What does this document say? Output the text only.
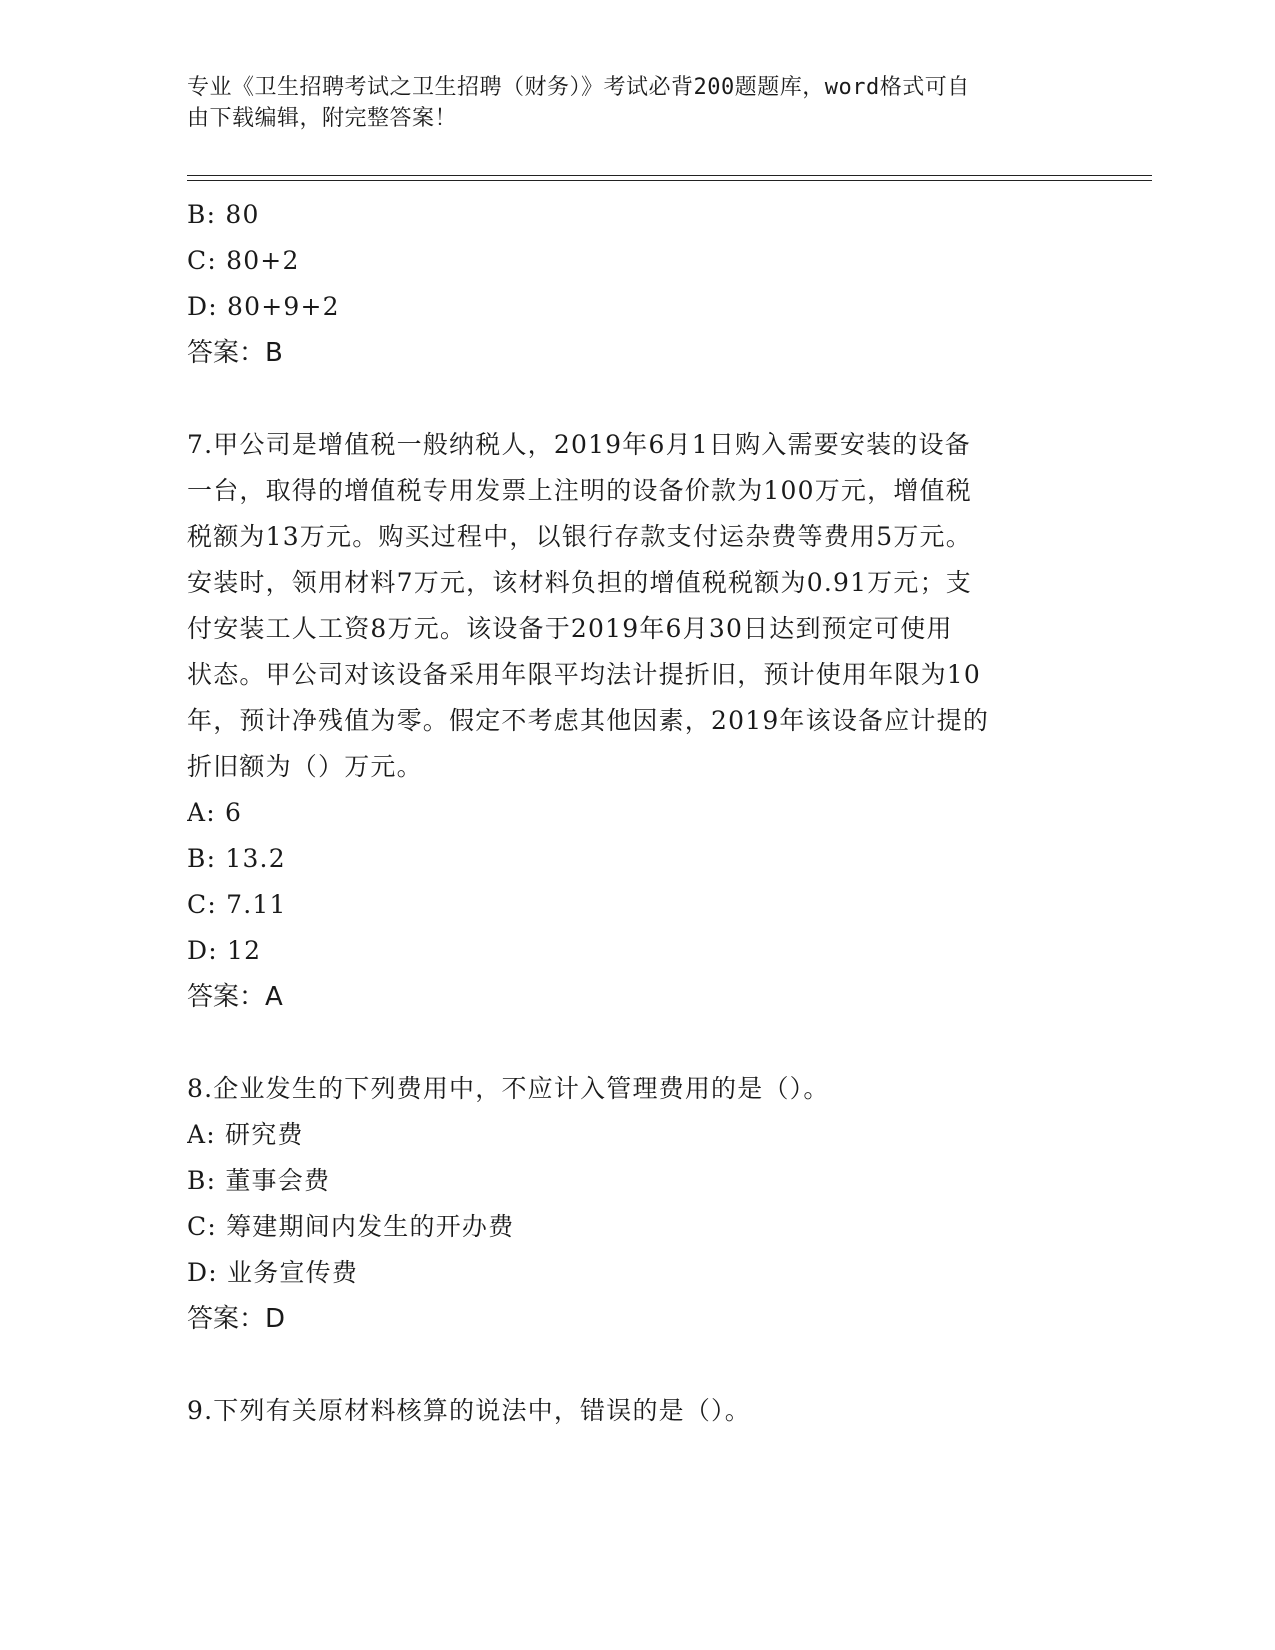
专业《卫生招聘考试之卫生招聘（财务）》考试必背200题题库，word格式可自
由下载编辑，附完整答案！
B: 80
C: 80+2
D: 80+9+2
答案：B
7.甲公司是增值税一般纳税人，2019年6月1日购入需要安装的设备
一台，取得的增值税专用发票上注明的设备价款为100万元，增值税
税额为13万元。购买过程中，以银行存款支付运杂费等费用5万元。
安装时，领用材料7万元，该材料负担的增值税税额为0.91万元；支
付安装工人工资8万元。该设备于2019年6月30日达到预定可使用
状态。甲公司对该设备采用年限平均法计提折旧，预计使用年限为10
年，预计净残值为零。假定不考虑其他因素，2019年该设备应计提的
折旧额为（）万元。
A: 6
B: 13.2
C: 7.11
D: 12
答案：A
8.企业发生的下列费用中，不应计入管理费用的是（）。
A: 研究费
B: 董事会费
C: 筹建期间内发生的开办费
D: 业务宣传费
答案：D
9.下列有关原材料核算的说法中，错误的是（）。
